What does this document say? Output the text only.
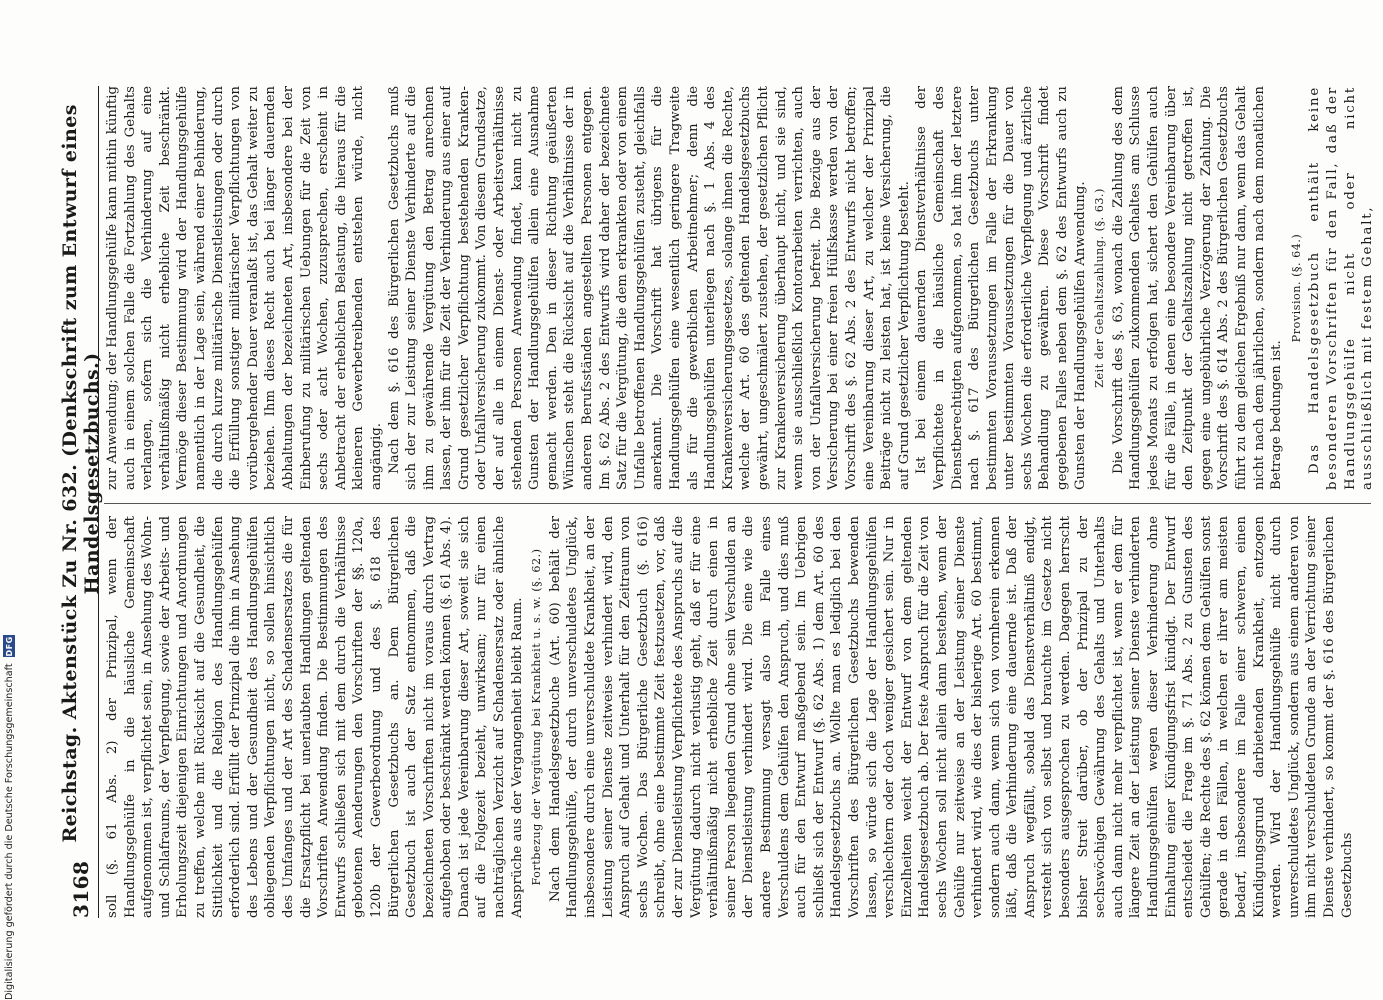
3168
Reichstag. Aktenstück Zu Nr. 632. (Denkschrift zum Entwurf eines Handelsgesetzbuchs.)

soll (§. 61 Abs. 2) der Prinzipal, wenn der Handlungsgehülfe in die häusliche Gemeinschaft aufgenommen ist, verpflichtet sein, in Ansehung des Wohn- und Schlafraums, der Verpflegung, sowie der Arbeits- und Erholungszeit diejenigen Einrichtungen und Anordnungen zu treffen, welche mit Rücksicht auf die Gesundheit, die Sittlichkeit und die Religion des Handlungsgehülfen erforderlich sind. Erfüllt der Prinzipal die ihm in Ansehung des Lebens und der Gesundheit des Handlungsgehülfen obliegenden Verpflichtungen nicht, so sollen hinsichtlich des Umfanges und der Art des Schadensersatzes die für die Ersatzpflicht bei unerlaubten Handlungen geltenden Vorschriften Anwendung finden. Die Bestimmungen des Entwurfs schließen sich mit dem durch die Verhältnisse gebotenen Aenderungen den Vorschriften der §§. 120a, 120b der Gewerbeordnung und des §. 618 des Bürgerlichen Gesetzbuchs an. Dem Bürgerlichen Gesetzbuch ist auch der Satz entnommen, daß die bezeichneten Vorschriften nicht im voraus durch Vertrag aufgehoben oder beschränkt werden können (§. 61 Abs. 4). Danach ist jede Vereinbarung dieser Art, soweit sie sich auf die Folgezeit bezieht, unwirksam; nur für einen nachträglichen Verzicht auf Schadensersatz oder ähnliche Ansprüche aus der Vergangenheit bleibt Raum. Fortbezug der Vergütung bei Krankheit u. s. w. (§. 62.) Nach dem Handelsgesetzbuche (Art. 60) behält der Handlungsgehülfe, der durch unverschuldetes Unglück, insbesondere durch eine unverschuldete Krankheit, an der Leistung seiner Dienste zeitweise verhindert wird, den Anspruch auf Gehalt und Unterhalt für den Zeitraum von sechs Wochen. Das Bürgerliche Gesetzbuch (§. 616) schreibt, ohne eine bestimmte Zeit festzusetzen, vor, daß der zur Dienstleistung Verpflichtete des Anspruchs auf die Vergütung dadurch nicht verlustig geht, daß er für eine verhältnißmäßig nicht erhebliche Zeit durch einen in seiner Person liegenden Grund ohne sein Verschulden an der Dienstleistung verhindert wird. Die eine wie die andere Bestimmung versagt also im Falle eines Verschuldens dem Gehülfen den Anspruch, und dies muß auch für den Entwurf maßgebend sein. Im Uebrigen schließt sich der Entwurf (§. 62 Abs. 1) dem Art. 60 des Handelsgesetzbuchs an. Wollte man es lediglich bei den Vorschriften des Bürgerlichen Gesetzbuchs bewenden lassen, so würde sich die Lage der Handlungsgehülfen verschlechtern oder doch weniger gesichert sein. Nur in Einzelheiten weicht der Entwurf von dem geltenden Handelsgesetzbuch ab. Der feste Anspruch für die Zeit von sechs Wochen soll nicht allein dann bestehen, wenn der Gehülfe nur zeitweise an der Leistung seiner Dienste verhindert wird, wie dies der bisherige Art. 60 bestimmt, sondern auch dann, wenn sich von vornherein erkennen läßt, daß die Verhinderung eine dauernde ist. Daß der Anspruch wegfällt, sobald das Dienstverhältniß endigt, versteht sich von selbst und brauchte im Gesetze nicht besonders ausgesprochen zu werden. Dagegen herrscht bisher Streit darüber, ob der Prinzipal zu der sechswöchigen Gewährung des Gehalts und Unterhalts auch dann nicht mehr verpflichtet ist, wenn er dem für längere Zeit an der Leistung seiner Dienste verhinderten Handlungsgehülfen wegen dieser Verhinderung ohne Einhaltung einer Kündigungsfrist kündigt. Der Entwurf entscheidet die Frage im §. 71 Abs. 2 zu Gunsten des Gehülfen; die Rechte des §. 62 können dem Gehülfen sonst gerade in den Fällen, in welchen er ihrer am meisten bedarf, insbesondere im Falle einer schweren, einen Kündigungsgrund darbietenden Krankheit, entzogen werden. Wird der Handlungsgehülfe nicht durch unverschuldetes Unglück, sondern aus einem anderen von ihm nicht verschuldeten Grunde an der Verrichtung seiner Dienste verhindert, so kommt der §. 616 des Bürgerlichen Gesetzbuchs

zur Anwendung; der Handlungsgehülfe kann mithin künftig auch in einem solchen Falle die Fortzahlung des Gehalts verlangen, sofern sich die Verhinderung auf eine verhältnißmäßig nicht erhebliche Zeit beschränkt. Vermöge dieser Bestimmung wird der Handlungsgehülfe namentlich in der Lage sein, während einer Behinderung, die durch kurze militärische Dienstleistungen oder durch die Erfüllung sonstiger militärischer Verpflichtungen von vorübergehender Dauer veranlaßt ist, das Gehalt weiter zu beziehen. Ihm dieses Recht auch bei länger dauernden Abhaltungen der bezeichneten Art, insbesondere bei der Einberufung zu militärischen Uebungen für die Zeit von sechs oder acht Wochen, zuzusprechen, erscheint in Anbetracht der erheblichen Belastung, die hieraus für die kleineren Gewerbetreibenden entstehen würde, nicht angängig. Nach dem §. 616 des Bürgerlichen Gesetzbuchs muß sich der zur Leistung seiner Dienste Verhinderte auf die ihm zu gewährende Vergütung den Betrag anrechnen lassen, der ihm für die Zeit der Verhinderung aus einer auf Grund gesetzlicher Verpflichtung bestehenden Kranken- oder Unfallversicherung zukommt. Von diesem Grundsatze, der auf alle in einem Dienst- oder Arbeitsverhältnisse stehenden Personen Anwendung findet, kann nicht zu Gunsten der Handlungsgehülfen allein eine Ausnahme gemacht werden. Den in dieser Richtung geäußerten Wünschen steht die Rücksicht auf die Verhältnisse der in anderen Berufsständen angestellten Personen entgegen. Im §. 62 Abs. 2 des Entwurfs wird daher der bezeichnete Satz für die Vergütung, die dem erkrankten oder von einem Unfalle betroffenen Handlungsgehülfen zusteht, gleichfalls anerkannt. Die Vorschrift hat übrigens für die Handlungsgehülfen eine wesentlich geringere Tragweite als für die gewerblichen Arbeitnehmer; denn die Handlungsgehülfen unterliegen nach §. 1 Abs. 4 des Krankenversicherungsgesetzes, solange ihnen die Rechte, welche der Art. 60 des geltenden Handelsgesetzbuchs gewährt, ungeschmälert zustehen, der gesetzlichen Pflicht zur Krankenversicherung überhaupt nicht, und sie sind, wenn sie ausschließlich Kontorarbeiten verrichten, auch von der Unfallversicherung befreit. Die Bezüge aus der Versicherung bei einer freien Hülfskasse werden von der Vorschrift des §. 62 Abs. 2 des Entwurfs nicht betroffen; eine Vereinbarung dieser Art, zu welcher der Prinzipal Beiträge nicht zu leisten hat, ist keine Versicherung, die auf Grund gesetzlicher Verpflichtung besteht. Ist bei einem dauernden Dienstverhältnisse der Verpflichtete in die häusliche Gemeinschaft des Dienstberechtigten aufgenommen, so hat ihm der letztere nach §. 617 des Bürgerlichen Gesetzbuchs unter bestimmten Voraussetzungen im Falle der Erkrankung unter bestimmten Voraussetzungen für die Dauer von sechs Wochen die erforderliche Verpflegung und ärztliche Behandlung zu gewähren. Diese Vorschrift findet gegebenen Falles neben dem §. 62 des Entwurfs auch zu Gunsten der Handlungsgehülfen Anwendung. Zeit der Gehaltszahlung. (§. 63.) Die Vorschrift des §. 63, wonach die Zahlung des dem Handlungsgehülfen zukommenden Gehaltes am Schlusse jedes Monats zu erfolgen hat, sichert den Gehülfen auch für die Fälle, in denen eine besondere Vereinbarung über den Zeitpunkt der Gehaltszahlung nicht getroffen ist, gegen eine ungebührliche Verzögerung der Zahlung. Die Vorschrift des §. 614 Abs. 2 des Bürgerlichen Gesetzbuchs führt zu dem gleichen Ergebniß nur dann, wenn das Gehalt nicht nach dem jährlichen, sondern nach dem monatlichen Betrage bedungen ist.

Provision. (§. 64.) Das Handelsgesetzbuch enthält keine besonderen Vorschriften für den Fall, daß der Handlungsgehülfe nicht oder nicht ausschließlich mit festem Gehalt,

Digitalisierung gefördert durch die Deutsche Forschungsgemeinschaft
DFG
